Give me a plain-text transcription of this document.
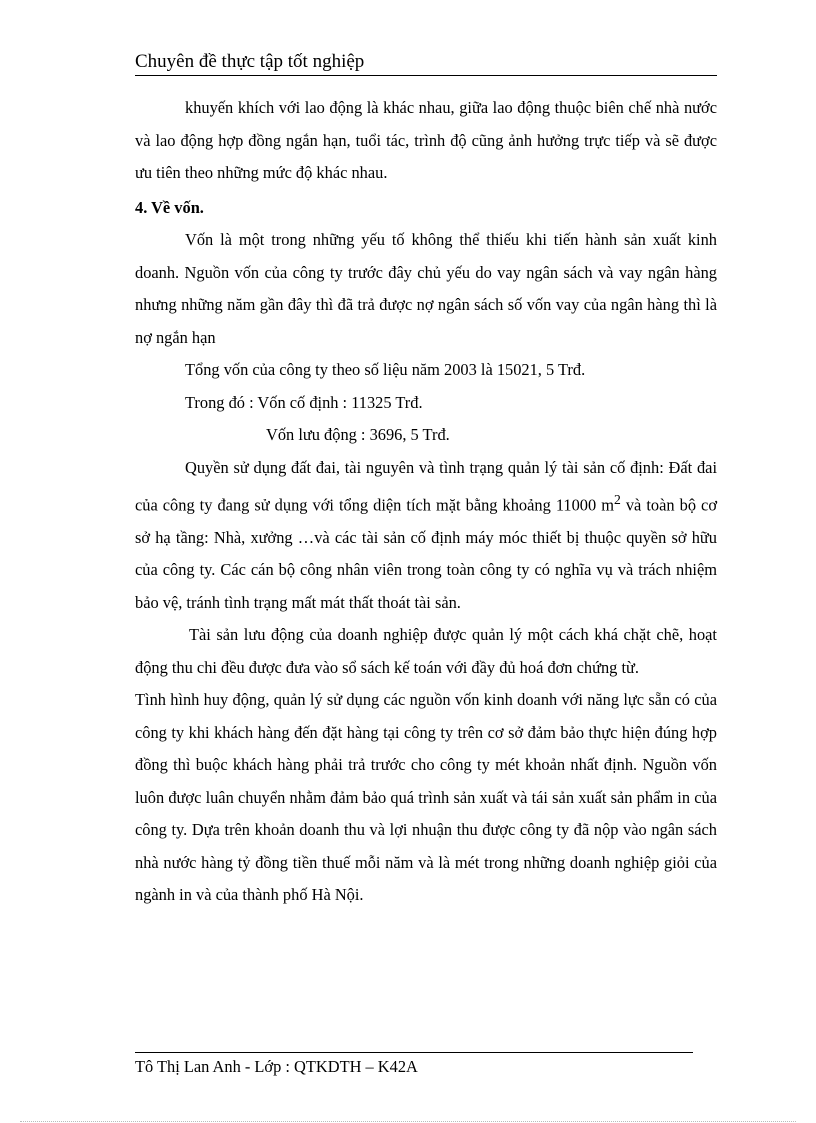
Chuyên đề thực tập tốt nghiệp

khuyến khích với lao động là khác nhau, giữa lao động thuộc biên chế nhà nước và lao động hợp đồng ngắn hạn, tuổi tác, trình độ cũng ảnh hưởng trực tiếp và sẽ được ưu tiên theo những mức độ khác nhau.

4. Về vốn.

Vốn là một trong những yếu tố không thể thiếu khi tiến hành sản xuất kinh doanh. Nguồn vốn của công ty trước đây chủ yếu do vay ngân sách và vay ngân hàng nhưng những năm gần đây thì đã trả được nợ ngân sách số vốn vay của ngân hàng thì là nợ ngắn hạn

Tổng vốn của công ty theo số liệu năm 2003 là 15021, 5 Trđ.

Trong đó : Vốn cố định : 11325 Trđ.

Vốn lưu động : 3696, 5 Trđ.

Quyền sử dụng đất đai, tài nguyên và tình trạng quản lý tài sản cố định: Đất đai của công ty đang sử dụng với tổng diện tích mặt bằng khoảng 11000 $m^2$ và toàn bộ cơ sở hạ tầng: Nhà, xưởng …và các tài sản cố định máy móc thiết bị thuộc quyền sở hữu của công ty. Các cán bộ công nhân viên trong toàn công ty có nghĩa vụ và trách nhiệm bảo vệ, tránh tình trạng mất mát thất thoát tài sản.

Tài sản lưu động của doanh nghiệp được quản lý một cách khá chặt chẽ, hoạt động thu chi đều được đưa vào sổ sách kế toán với đầy đủ hoá đơn chứng từ.

Tình hình huy động, quản lý sử dụng các nguồn vốn kinh doanh với năng lực sẵn có của công ty khi khách hàng đến đặt hàng tại công ty trên cơ sở đảm bảo thực hiện đúng hợp đồng thì buộc khách hàng phải trả trước cho công ty mét khoản nhất định. Nguồn vốn luôn được luân chuyển nhằm đảm bảo quá trình sản xuất và tái sản xuất sản phẩm in của công ty. Dựa trên khoản doanh thu và lợi nhuận thu được công ty đã nộp vào ngân sách nhà nước hàng tỷ đồng tiền thuế mỗi năm và là mét trong những doanh nghiệp giỏi của ngành in và của thành phố Hà Nội.

Tô Thị Lan Anh - Lớp : QTKDTH – K42A
